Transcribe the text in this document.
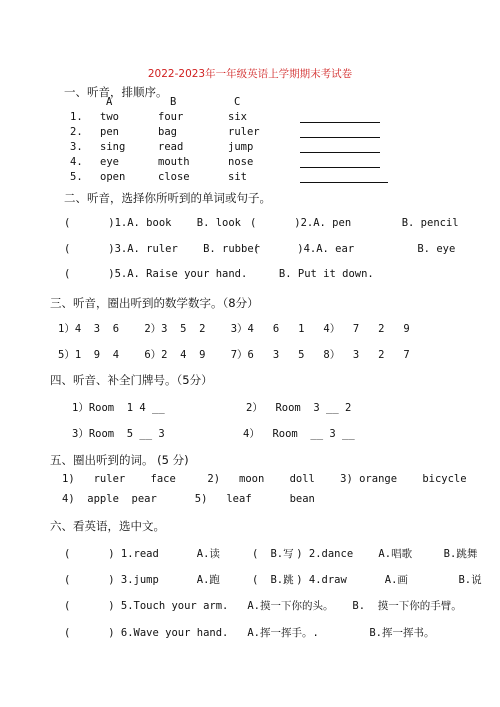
2022-2023年一年级英语上学期期末考试卷
一、听音，排顺序。
A	B	C
1. two	four	six
2. pen	bag	ruler
3. sing	read	jump
4. eye	mouth	nose
5. open	close	sit
二、听音，选择你所听到的单词或句子。
(      )1.A. book    B. look (      )2.A. pen        B. pencil
(      )3.A. ruler    B. rubber
(      )4.A. ear          B. eye
(      )5.A. Raise your hand.     B. Put it down.
三、听音，圈出听到的数学数字。（8分）
1）4  3  6    2）3  5  2    3）4   6   1   4）  7   2   9
5）1  9  4    6）2  4  9    7）6   3   5   8）  3   2   7
四、听音、补全门牌号。（5分）
1）Room  1 4 __	2）  Room  3 __ 2
3）Room  5 __ 3	4）  Room  __ 3 __
五、圈出听到的词。 (5 分)
1)   ruler    face     2)   moon    doll    3) orange    bicycle
4)  apple  pear      5)   leaf      bean
六、看英语，选中文。
(      ) 1.read      A.读        B.写
(      ) 2.dance    A.唱歌     B.跳舞
(      ) 3.jump      A.跑        B.跳
(      ) 4.draw      A.画        B.说
(      ) 5.Touch your arm.   A.摸一下你的头。   B.  摸一下你的手臂。
(      ) 6.Wave your hand.   A.挥一挥手。.        B.挥一挥书。
